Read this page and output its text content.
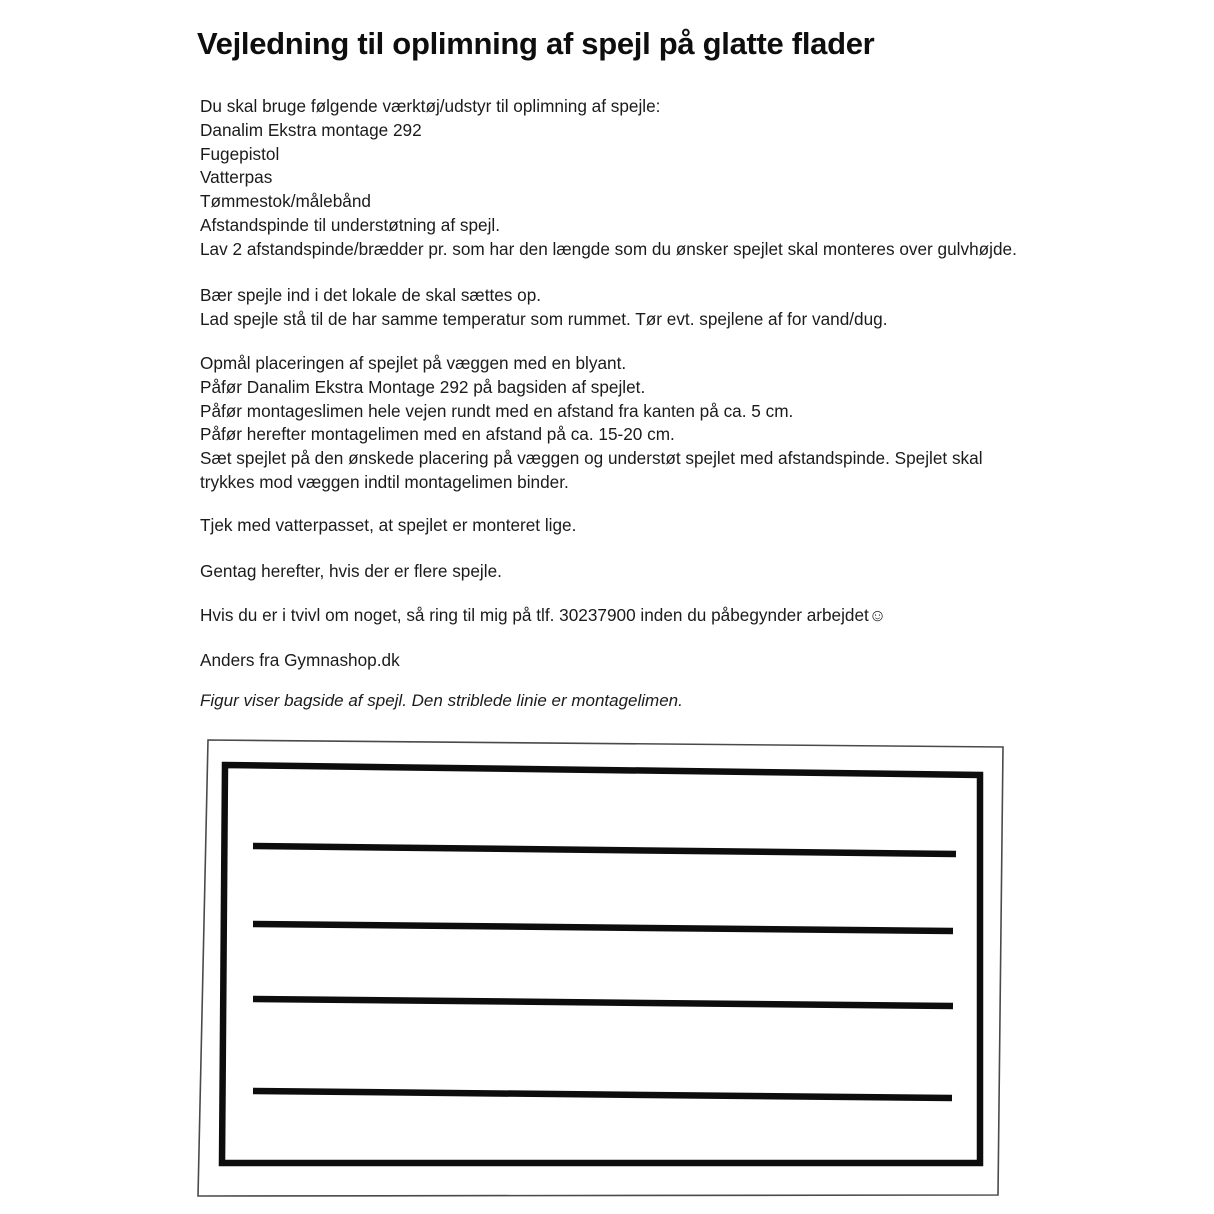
Vejledning til oplimning af spejl på glatte flader
Du skal bruge følgende værktøj/udstyr til oplimning af spejle:
Danalim Ekstra montage 292
Fugepistol
Vatterpas
Tømmestok/målebånd
Afstandspinde til understøtning af spejl.
Lav 2 afstandspinde/brædder pr. som har den længde som du ønsker spejlet skal monteres over gulvhøjde.
Bær spejle ind i det lokale de skal sættes op.
Lad spejle stå til de har samme temperatur som rummet. Tør evt. spejlene af for vand/dug.
Opmål placeringen af spejlet på væggen med en blyant.
Påfør Danalim Ekstra Montage 292 på bagsiden af spejlet.
Påfør montageslimen hele vejen rundt med en afstand fra kanten på ca. 5 cm.
Påfør herefter montagelimen med en afstand på ca. 15-20 cm.
Sæt spejlet på den ønskede placering på væggen og understøt spejlet med afstandspinde. Spejlet skal
trykkes mod væggen indtil montagelimen binder.
Tjek med vatterpasset, at spejlet er monteret lige.
Gentag herefter, hvis der er flere spejle.
Hvis du er i tvivl om noget, så ring til mig på tlf. 30237900 inden du påbegynder arbejdet☺
Anders fra Gymnashop.dk
Figur viser bagside af spejl. Den striblede linie er montagelimen.
